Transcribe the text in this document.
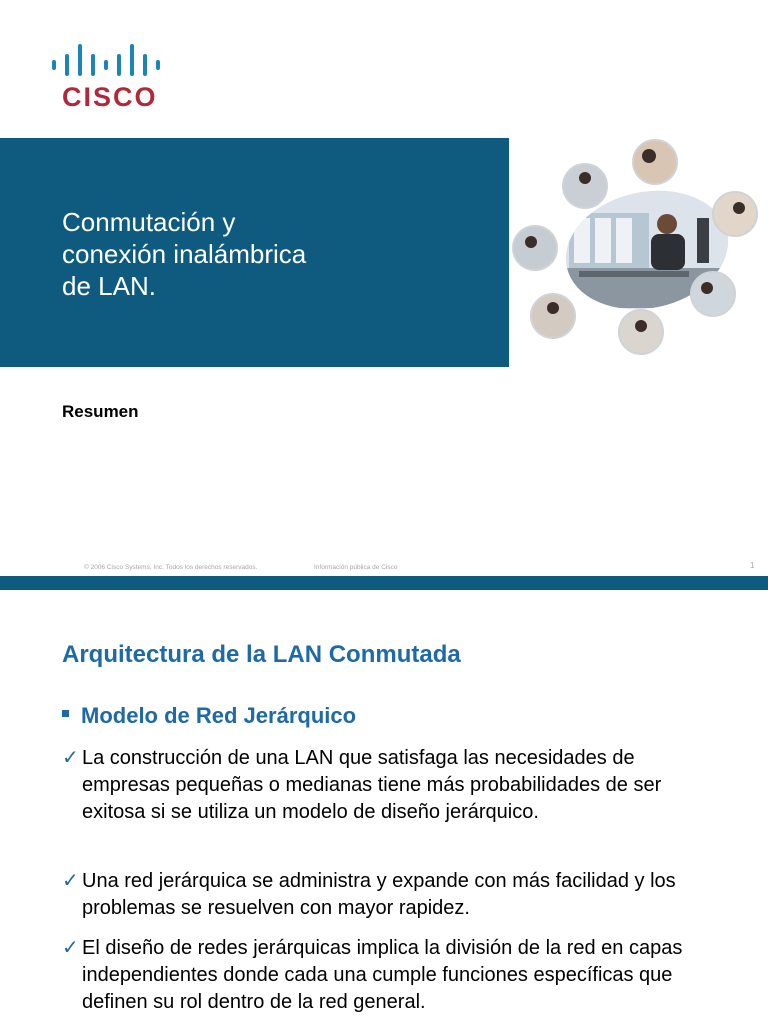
CISCO
Conmutación y
conexión inalámbrica
de LAN.
Resumen
© 2006 Cisco Systems, Inc. Todos los derechos reservados.	Información pública de Cisco	1
Arquitectura de la LAN Conmutada
Modelo de Red Jerárquico
✓ La construcción de una LAN que satisfaga las necesidades de empresas pequeñas o medianas tiene más probabilidades de ser exitosa si se utiliza un modelo de diseño jerárquico.
✓ Una red jerárquica se administra y expande con más facilidad y los problemas se resuelven con mayor rapidez.
✓ El diseño de redes jerárquicas implica la división de la red en capas independientes donde cada una cumple funciones específicas que definen su rol dentro de la red general.
